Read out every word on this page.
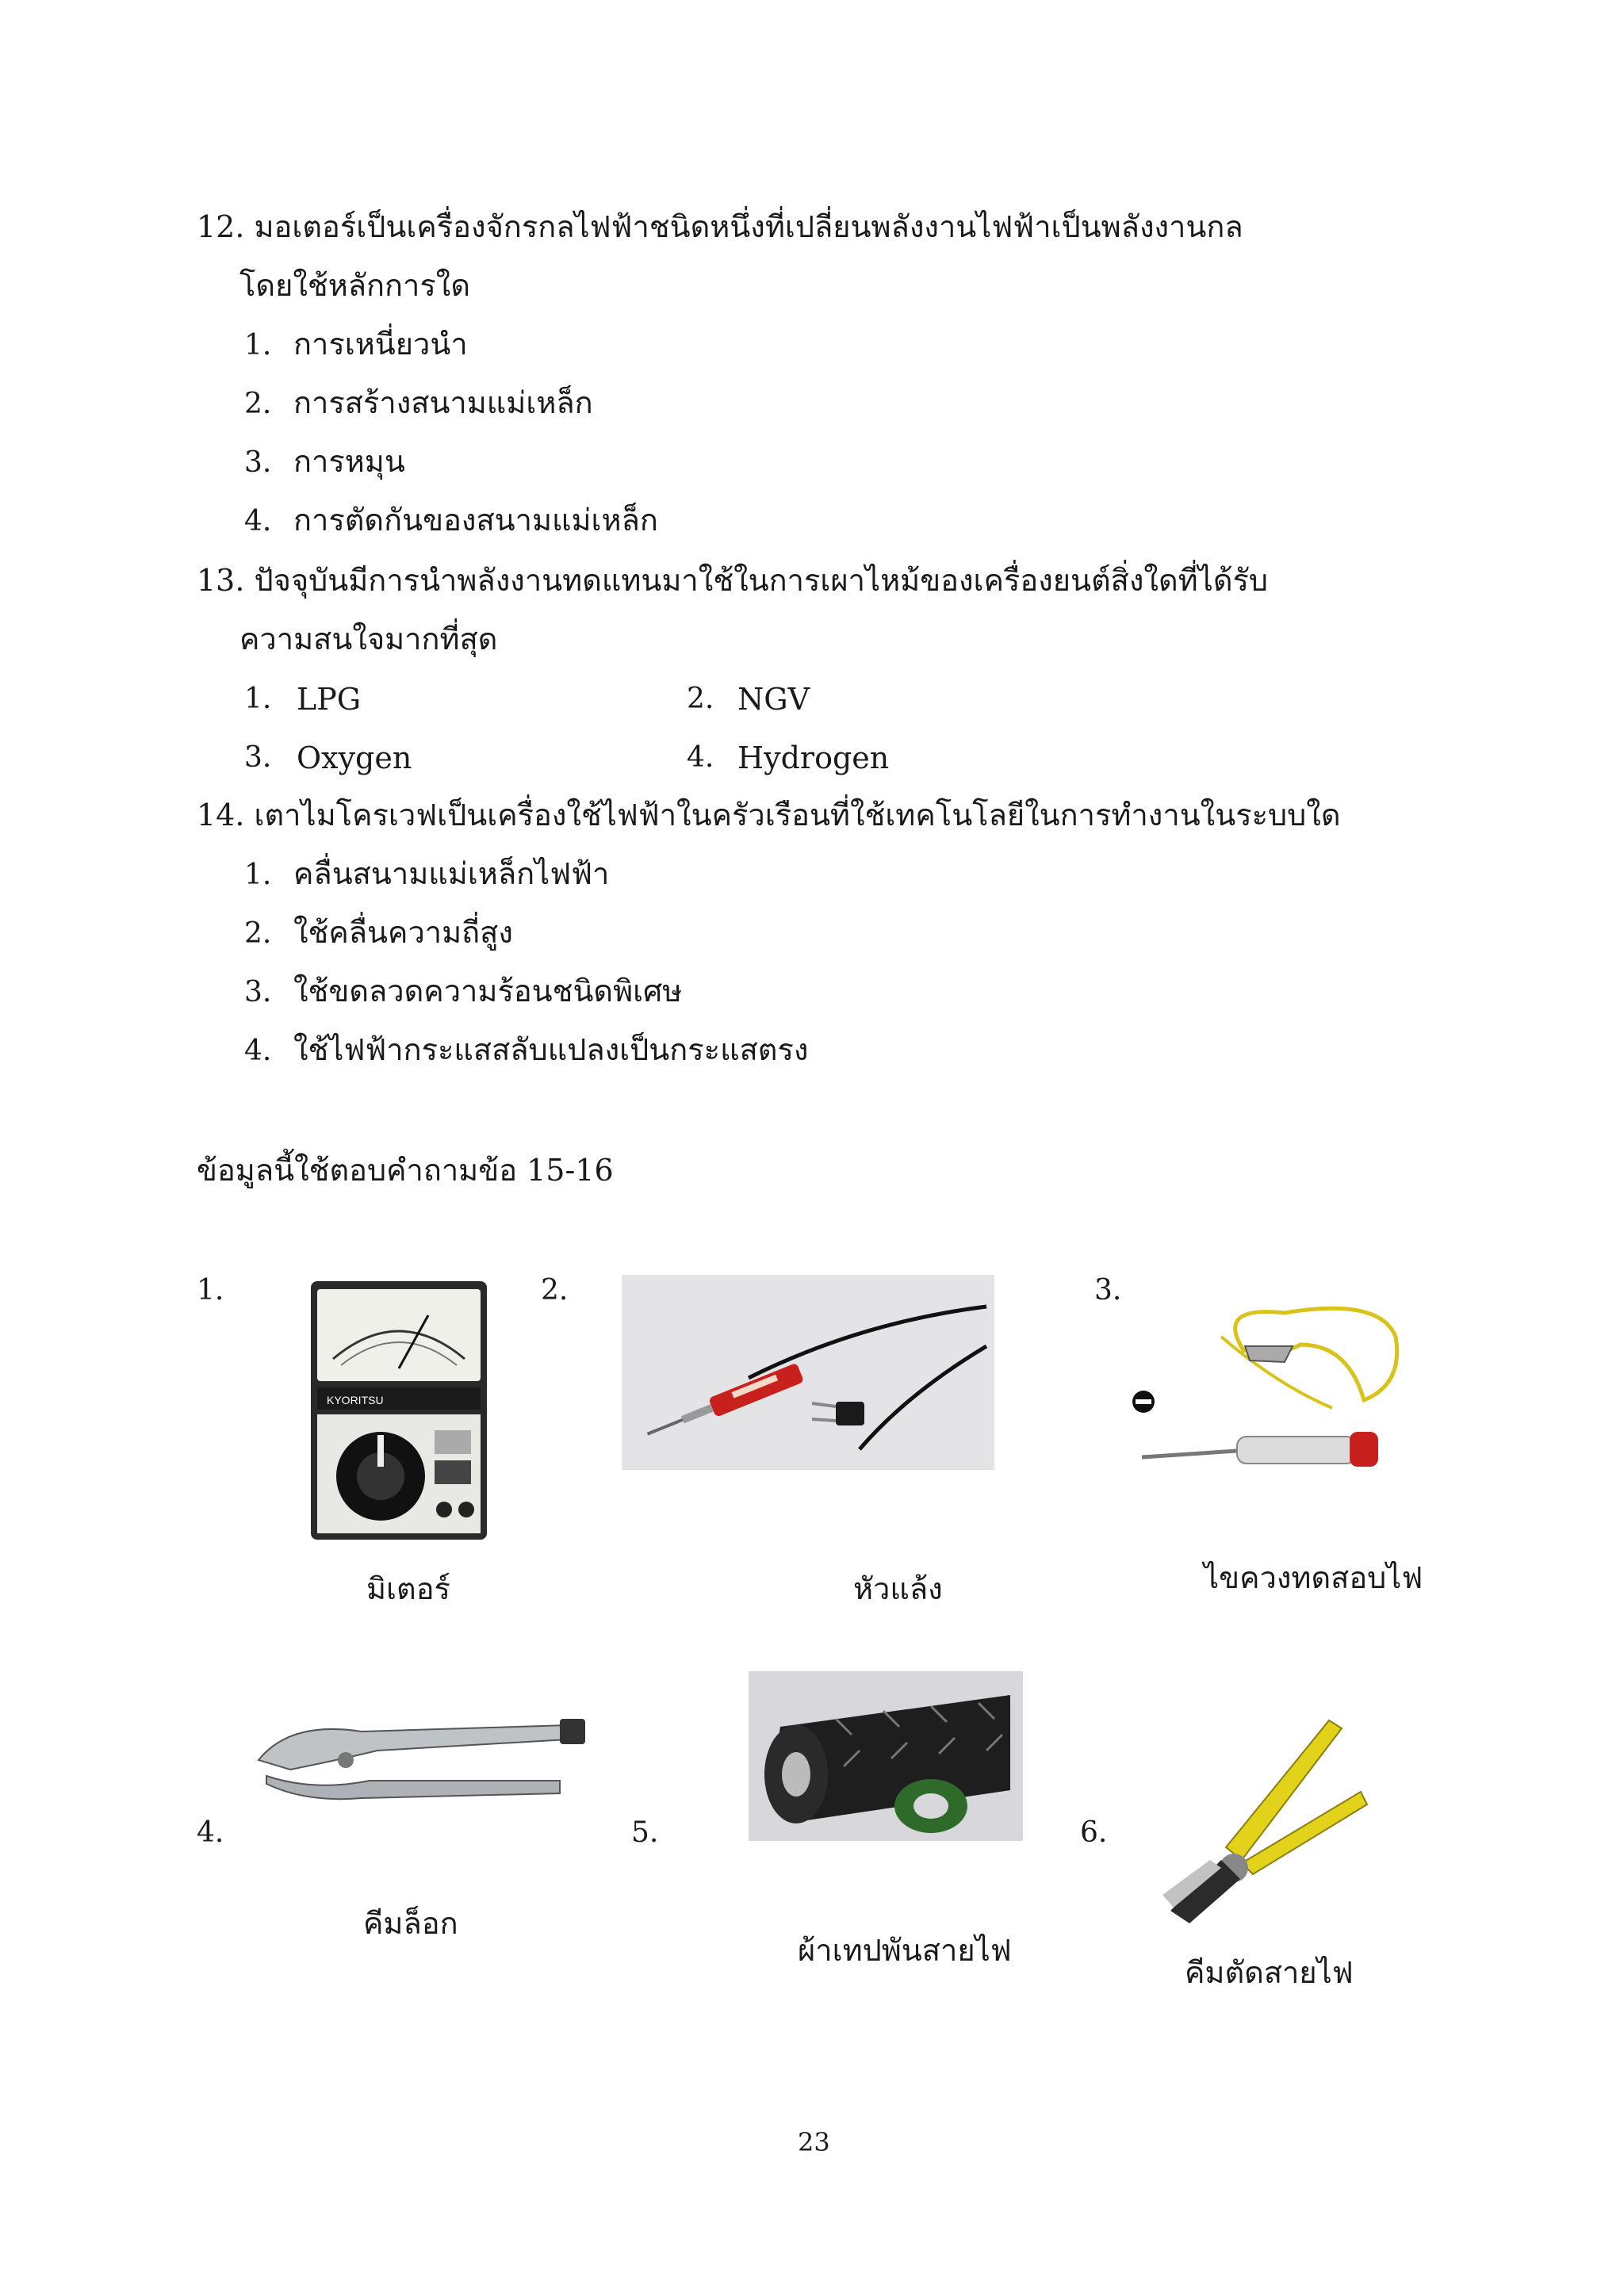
12. มอเตอร์เป็นเครื่องจักรกลไฟฟ้าชนิดหนึ่งที่เปลี่ยนพลังงานไฟฟ้าเป็นพลังงานกล
โดยใช้หลักการใด
1. การเหนี่ยวนำ
2. การสร้างสนามแม่เหล็ก
3. การหมุน
4. การตัดกันของสนามแม่เหล็ก
13. ปัจจุบันมีการนำพลังงานทดแทนมาใช้ในการเผาไหม้ของเครื่องยนต์สิ่งใดที่ได้รับ
ความสนใจมากที่สุด
1. LPG	2. NGV
3. Oxygen	4. Hydrogen
14. เตาไมโครเวฟเป็นเครื่องใช้ไฟฟ้าในครัวเรือนที่ใช้เทคโนโลยีในการทำงานในระบบใด
1. คลื่นสนามแม่เหล็กไฟฟ้า
2. ใช้คลื่นความถี่สูง
3. ใช้ขดลวดความร้อนชนิดพิเศษ
4. ใช้ไฟฟ้ากระแสสลับแปลงเป็นกระแสตรง
ข้อมูลนี้ใช้ตอบคำถามข้อ 15-16
1.
KYORITSU
มิเตอร์
2.
หัวแล้ง
3.
ไขควงทดสอบไฟ
4.
คีมล็อก
5.
ผ้าเทปพันสายไฟ
6.
คีมตัดสายไฟ
23
